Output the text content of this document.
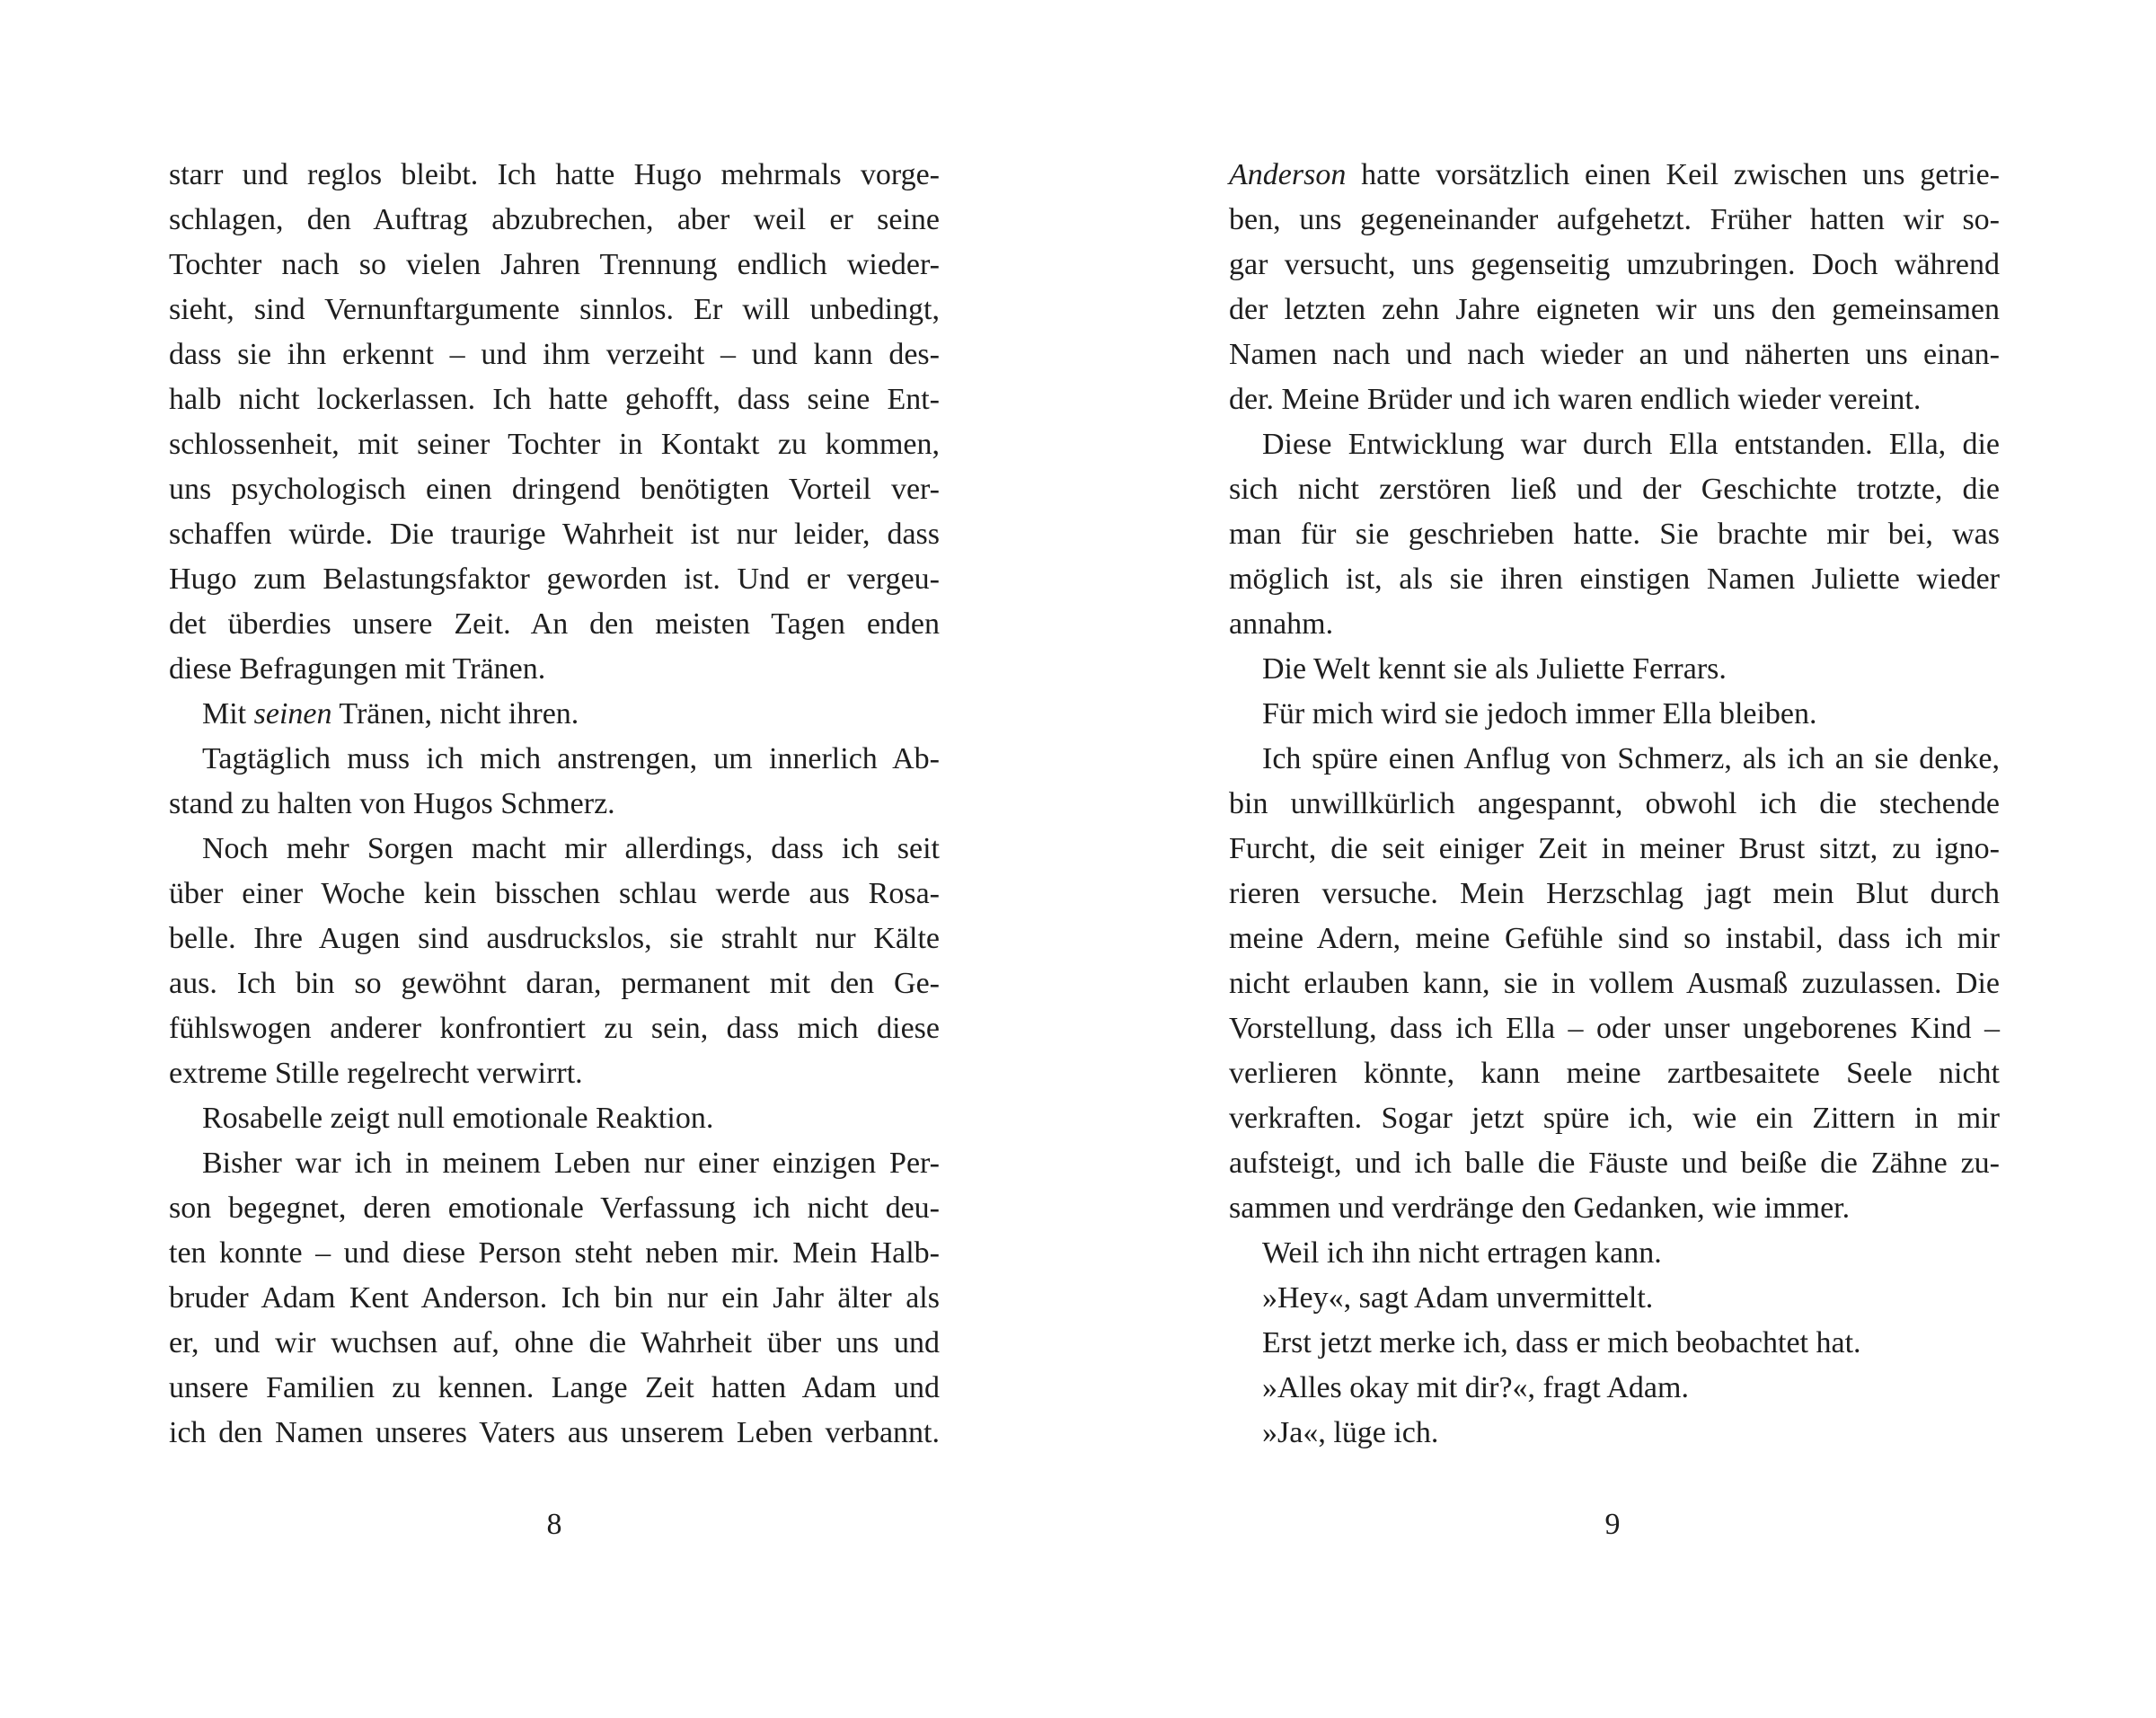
starr und reglos bleibt. Ich hatte Hugo mehrmals vorge-
schlagen, den Auftrag abzubrechen, aber weil er seine
Tochter nach so vielen Jahren Trennung endlich wieder-
sieht, sind Vernunftargumente sinnlos. Er will unbedingt,
dass sie ihn erkennt – und ihm verzeiht – und kann des-
halb nicht lockerlassen. Ich hatte gehofft, dass seine Ent-
schlossenheit, mit seiner Tochter in Kontakt zu kommen,
uns psychologisch einen dringend benötigten Vorteil ver-
schaffen würde. Die traurige Wahrheit ist nur leider, dass
Hugo zum Belastungsfaktor geworden ist. Und er vergeu-
det überdies unsere Zeit. An den meisten Tagen enden
diese Befragungen mit Tränen.
Mit seinen Tränen, nicht ihren.
Tagtäglich muss ich mich anstrengen, um innerlich Ab-
stand zu halten von Hugos Schmerz.
Noch mehr Sorgen macht mir allerdings, dass ich seit
über einer Woche kein bisschen schlau werde aus Rosa-
belle. Ihre Augen sind ausdruckslos, sie strahlt nur Kälte
aus. Ich bin so gewöhnt daran, permanent mit den Ge-
fühlswogen anderer konfrontiert zu sein, dass mich diese
extreme Stille regelrecht verwirrt.
Rosabelle zeigt null emotionale Reaktion.
Bisher war ich in meinem Leben nur einer einzigen Per-
son begegnet, deren emotionale Verfassung ich nicht deu-
ten konnte – und diese Person steht neben mir. Mein Halb-
bruder Adam Kent Anderson. Ich bin nur ein Jahr älter als
er, und wir wuchsen auf, ohne die Wahrheit über uns und
unsere Familien zu kennen. Lange Zeit hatten Adam und
ich den Namen unseres Vaters aus unserem Leben verbannt.
Anderson hatte vorsätzlich einen Keil zwischen uns getrie-
ben, uns gegeneinander aufgehetzt. Früher hatten wir so-
gar versucht, uns gegenseitig umzubringen. Doch während
der letzten zehn Jahre eigneten wir uns den gemeinsamen
Namen nach und nach wieder an und näherten uns einan-
der. Meine Brüder und ich waren endlich wieder vereint.
Diese Entwicklung war durch Ella entstanden. Ella, die
sich nicht zerstören ließ und der Geschichte trotzte, die
man für sie geschrieben hatte. Sie brachte mir bei, was
möglich ist, als sie ihren einstigen Namen Juliette wieder
annahm.
Die Welt kennt sie als Juliette Ferrars.
Für mich wird sie jedoch immer Ella bleiben.
Ich spüre einen Anflug von Schmerz, als ich an sie denke,
bin unwillkürlich angespannt, obwohl ich die stechende
Furcht, die seit einiger Zeit in meiner Brust sitzt, zu igno-
rieren versuche. Mein Herzschlag jagt mein Blut durch
meine Adern, meine Gefühle sind so instabil, dass ich mir
nicht erlauben kann, sie in vollem Ausmaß zuzulassen. Die
Vorstellung, dass ich Ella – oder unser ungeborenes Kind –
verlieren könnte, kann meine zartbesaitete Seele nicht
verkraften. Sogar jetzt spüre ich, wie ein Zittern in mir
aufsteigt, und ich balle die Fäuste und beiße die Zähne zu-
sammen und verdränge den Gedanken, wie immer.
Weil ich ihn nicht ertragen kann.
»Hey«, sagt Adam unvermittelt.
Erst jetzt merke ich, dass er mich beobachtet hat.
»Alles okay mit dir?«, fragt Adam.
»Ja«, lüge ich.
8	9
